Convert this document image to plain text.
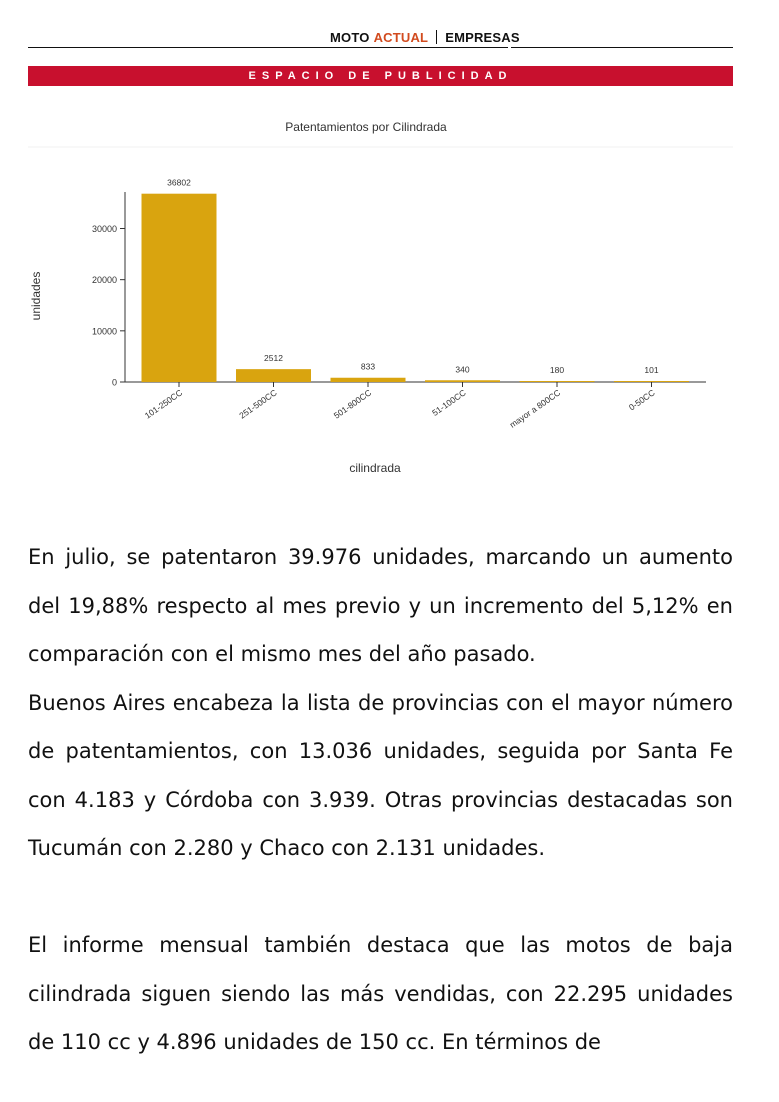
MOTO ACTUAL EMPRESAS
ESPACIO DE PUBLICIDAD
Patentamientos por Cilindrada
unidades
cilindrada
0
10000
20000
30000
36802
101-250CC
2512
251-500CC
833
501-800CC
340
51-100CC
180
mayor a 800CC
101
0-50CC

En julio, se patentaron 39.976 unidades, marcando un aumento del 19,88% respecto al mes previo y un incremento del 5,12% en comparación con el mismo mes del año pasado.

Buenos Aires encabeza la lista de provincias con el mayor número de patentamientos, con 13.036 unidades, seguida por Santa Fe con 4.183 y Córdoba con 3.939. Otras provincias destacadas son Tucumán con 2.280 y Chaco con 2.131 unidades.

El informe mensual también destaca que las motos de baja cilindrada siguen siendo las más vendidas, con 22.295 unidades de 110 cc y 4.896 unidades de 150 cc. En términos de
